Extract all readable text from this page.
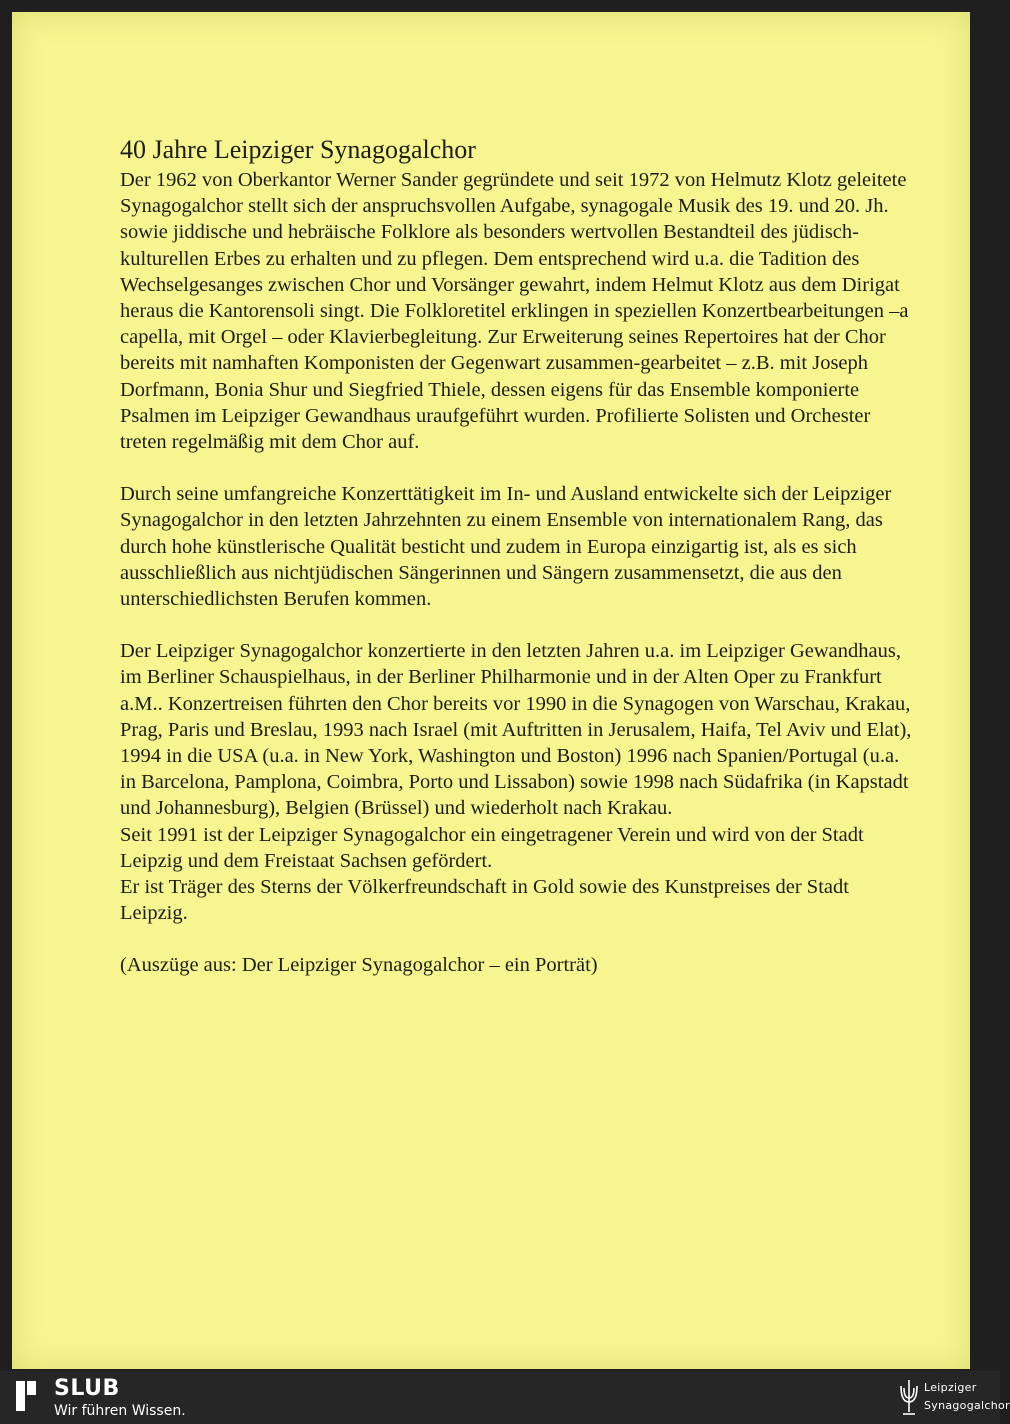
40 Jahre Leipziger Synagogalchor

Der 1962 von Oberkantor Werner Sander gegründete und seit 1972 von Helmutz Klotz geleitete Synagogalchor stellt sich der anspruchsvollen Aufgabe, synagogale Musik des 19. und 20. Jh. sowie jiddische und hebräische Folklore als besonders wertvollen Bestandteil des jüdisch-kulturellen Erbes zu erhalten und zu pflegen. Dem entsprechend wird u.a. die Tadition des Wechselgesanges zwischen Chor und Vorsänger gewahrt, indem Helmut Klotz aus dem Dirigat heraus die Kantorensoli singt. Die Folkloretitel erklingen in speziellen Konzertbearbeitungen –a capella, mit Orgel – oder Klavierbegleitung. Zur Erweiterung seines Repertoires hat der Chor bereits mit namhaften Komponisten der Gegenwart zusammen-gearbeitet – z.B. mit Joseph Dorfmann, Bonia Shur und Siegfried Thiele, dessen eigens für das Ensemble komponierte Psalmen im Leipziger Gewandhaus uraufgeführt wurden. Profilierte Solisten und Orchester treten regelmäßig mit dem Chor auf.

Durch seine umfangreiche Konzerttätigkeit im In- und Ausland entwickelte sich der Leipziger Synagogalchor in den letzten Jahrzehnten zu einem Ensemble von internationalem Rang, das durch hohe künstlerische Qualität besticht und zudem in Europa einzigartig ist, als es sich ausschließlich aus nichtjüdischen Sängerinnen und Sängern zusammensetzt, die aus den unterschiedlichsten Berufen kommen.

Der Leipziger Synagogalchor konzertierte in den letzten Jahren u.a. im Leipziger Gewandhaus, im Berliner Schauspielhaus, in der Berliner Philharmonie und in der Alten Oper zu Frankfurt a.M.. Konzertreisen führten den Chor bereits vor 1990 in die Synagogen von Warschau, Krakau, Prag, Paris und Breslau, 1993 nach Israel (mit Auftritten in Jerusalem, Haifa, Tel Aviv und Elat), 1994 in die USA (u.a. in New York, Washington und Boston) 1996 nach Spanien/Portugal (u.a. in Barcelona, Pamplona, Coimbra, Porto und Lissabon) sowie 1998 nach Südafrika (in Kapstadt und Johannesburg), Belgien (Brüssel) und wiederholt nach Krakau.

Seit 1991 ist der Leipziger Synagogalchor ein eingetragener Verein und wird von der Stadt Leipzig und dem Freistaat Sachsen gefördert.

Er ist Träger des Sterns der Völkerfreundschaft in Gold sowie des Kunstpreises der Stadt Leipzig.

(Auszüge aus: Der Leipziger Synagogalchor – ein Porträt)

SLUB
Wir führen Wissen.
Leipziger
Synagogalchor
